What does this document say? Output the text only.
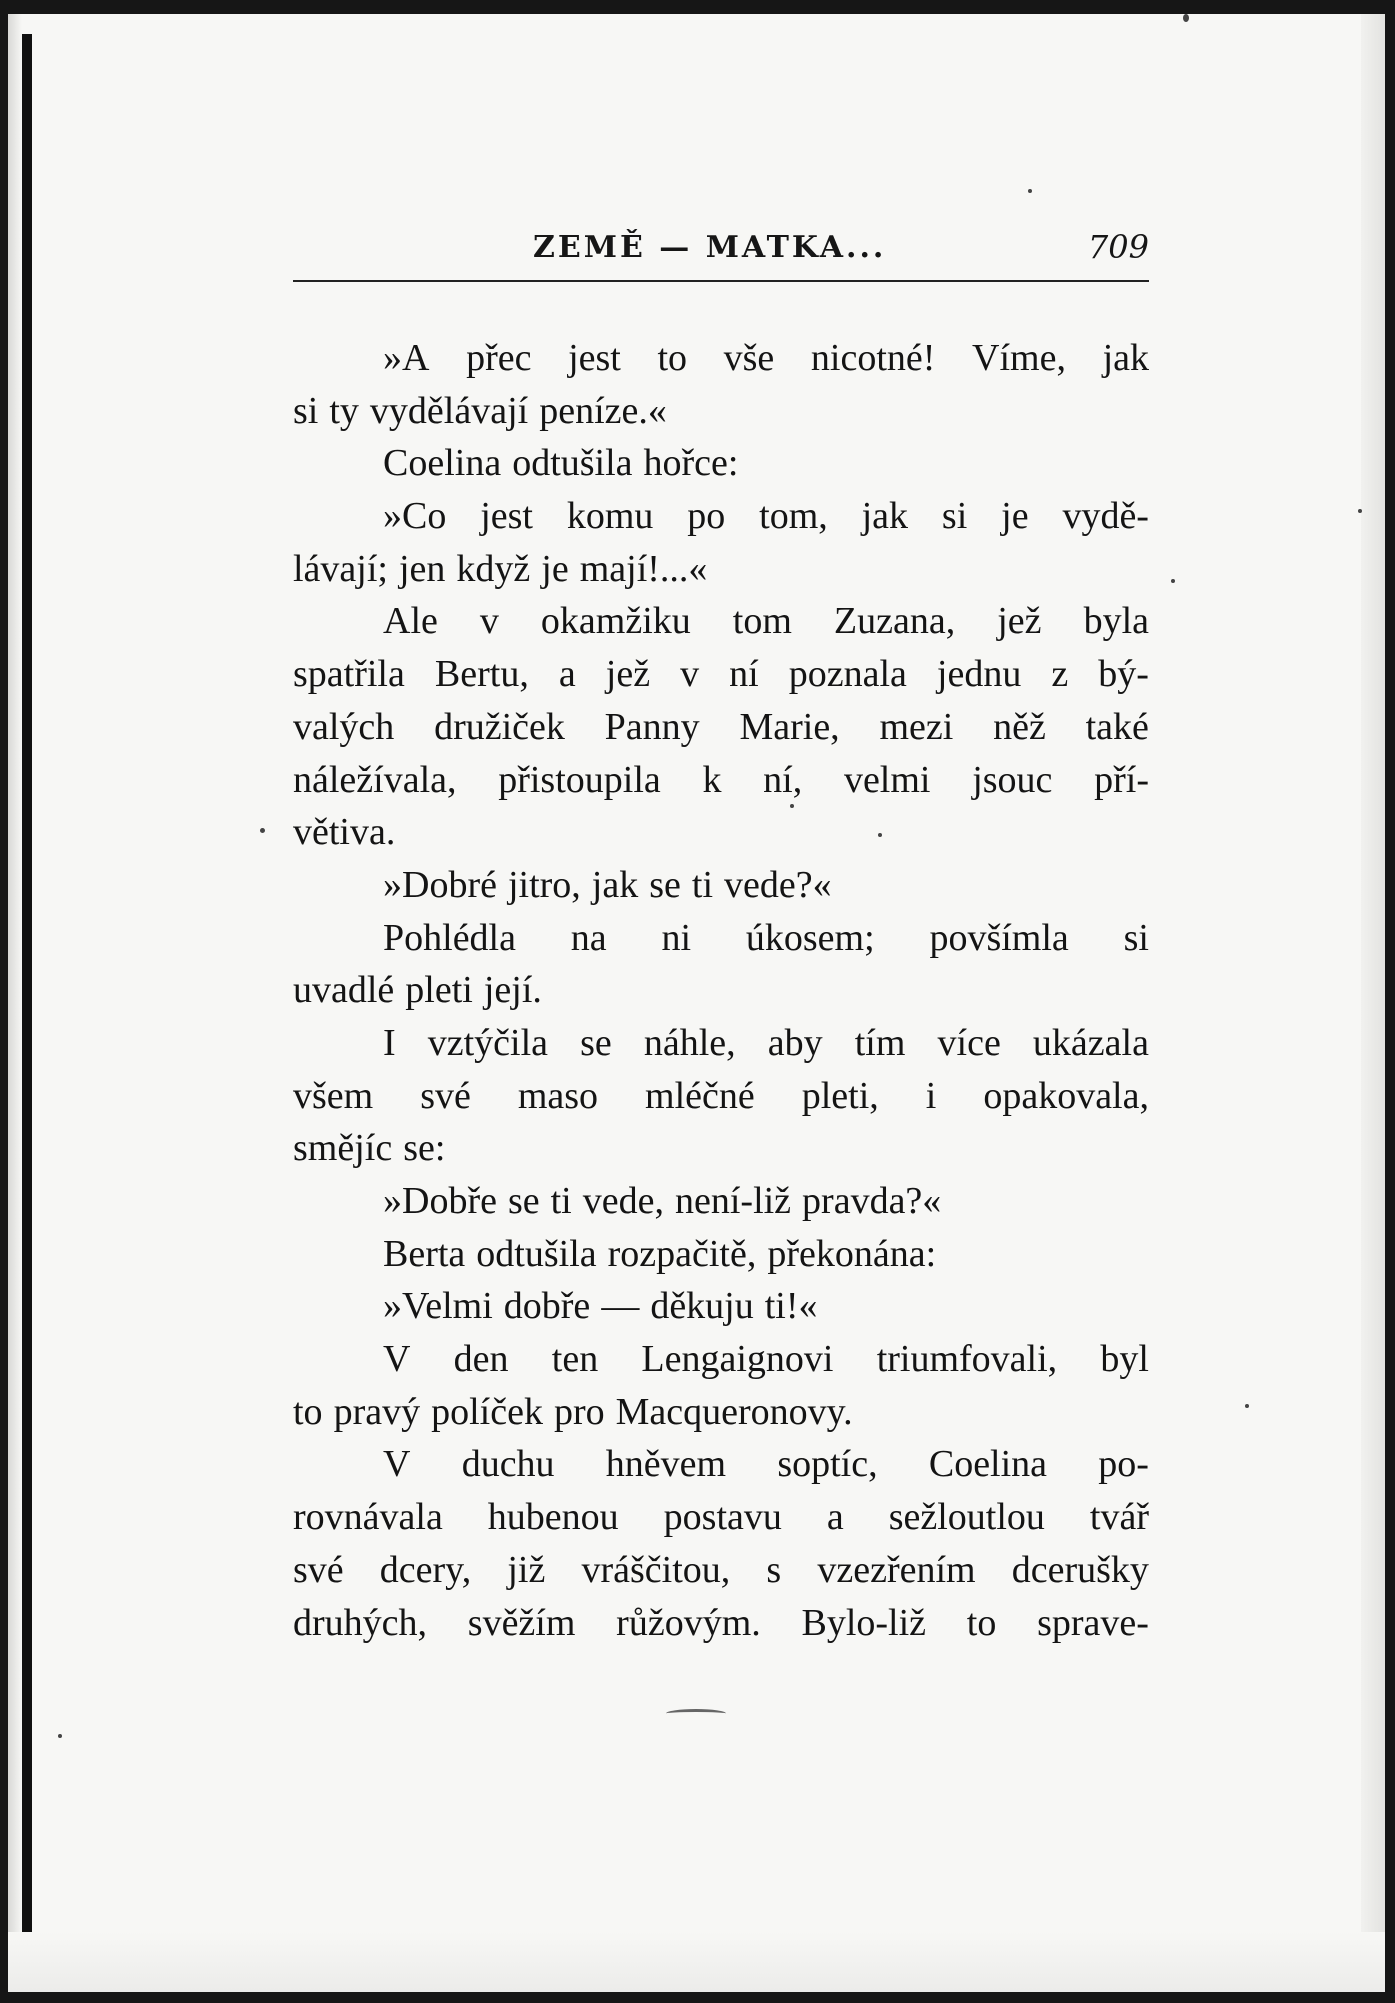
ZEMĚ — MATKA...	709
»A přec jest to vše nicotné! Víme, jak
si ty vydělávají peníze.«
Coelina odtušila hořce:
»Co jest komu po tom, jak si je vydě-
lávají; jen když je mají!...«
Ale v okamžiku tom Zuzana, jež byla
spatřila Bertu, a jež v ní poznala jednu z bý-
valých družiček Panny Marie, mezi něž také
náležívala, přistoupila k ní, velmi jsouc pří-
větiva.
»Dobré jitro, jak se ti vede?«
Pohlédla na ni úkosem; povšímla si
uvadlé pleti její.
I vztýčila se náhle, aby tím více ukázala
všem své maso mléčné pleti, i opakovala,
smějíc se:
»Dobře se ti vede, není-liž pravda?«
Berta odtušila rozpačitě, překonána:
»Velmi dobře — děkuju ti!«
V den ten Lengaignovi triumfovali, byl
to pravý políček pro Macqueronovy.
V duchu hněvem soptíc, Coelina po-
rovnávala hubenou postavu a sežloutlou tvář
své dcery, již vráščitou, s vzezřením dcerušky
druhých, svěžím růžovým. Bylo-liž to sprave-
